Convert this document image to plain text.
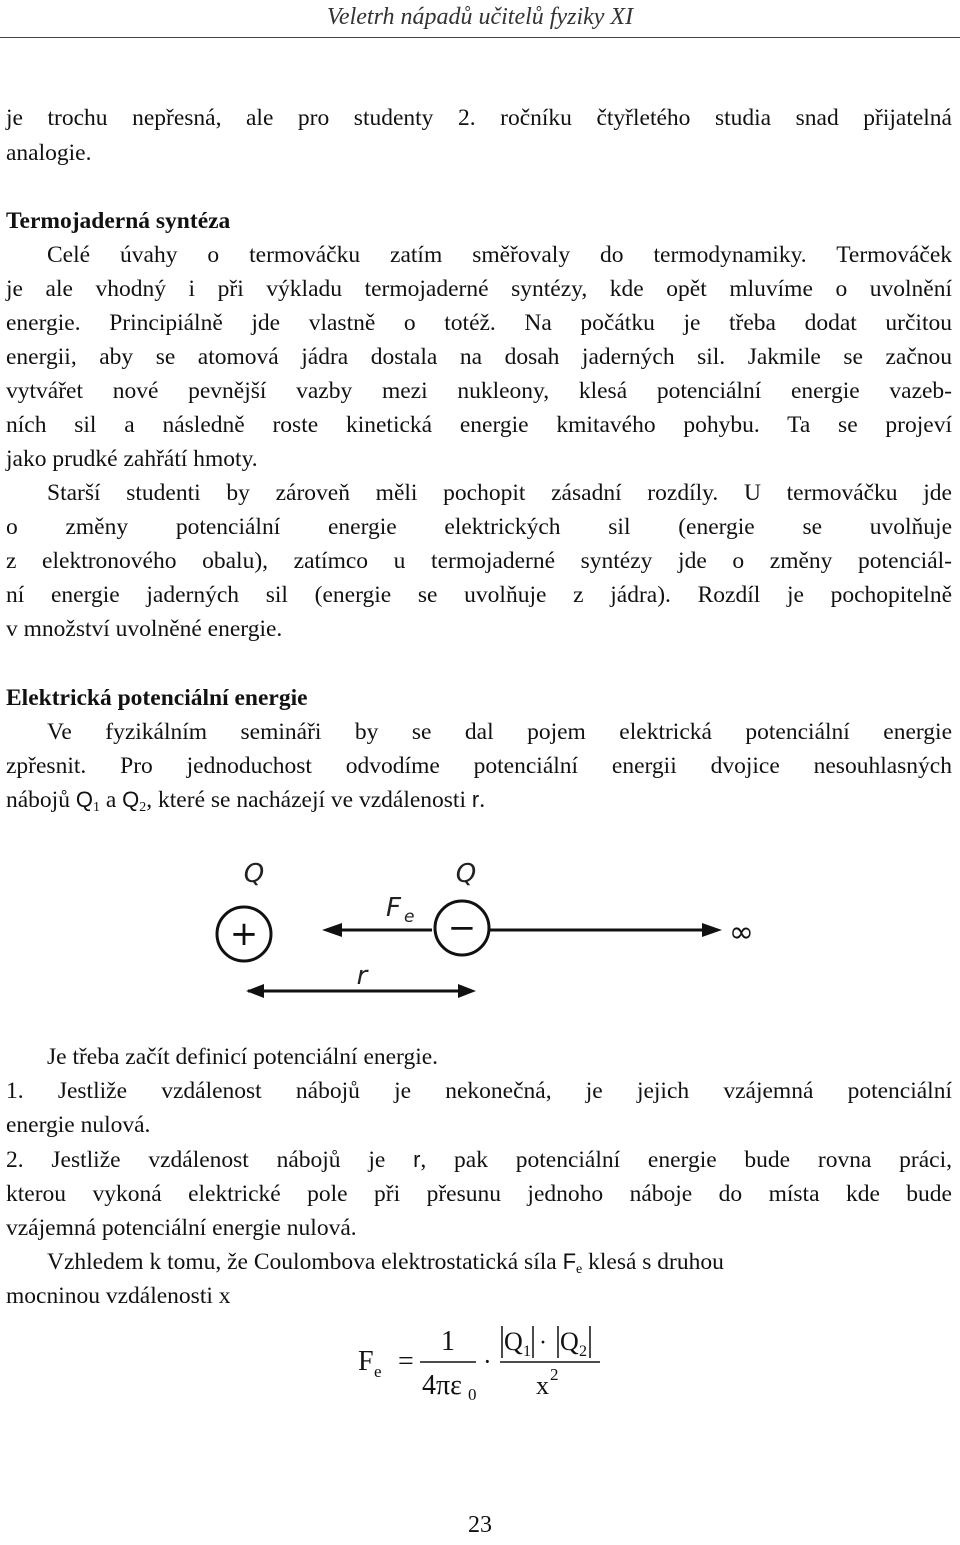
Veletrh nápadů učitelů fyziky XI
je trochu nepřesná, ale pro studenty 2. ročníku čtyřletého studia snad přijatelná
analogie.
Termojaderná syntéza
Celé úvahy o termováčku zatím směřovaly do termodynamiky. Termováček
je ale vhodný i při výkladu termojaderné syntézy, kde opět mluvíme o uvolnění
energie. Principiálně jde vlastně o totéž. Na počátku je třeba dodat určitou
energii, aby se atomová jádra dostala na dosah jaderných sil. Jakmile se začnou
vytvářet nové pevnější vazby mezi nukleony, klesá potenciální energie vazeb-
ních sil a následně roste kinetická energie kmitavého pohybu. Ta se projeví
jako prudké zahřátí hmoty.
Starší studenti by zároveň měli pochopit zásadní rozdíly. U termováčku jde
o změny potenciální energie elektrických sil (energie se uvolňuje
z elektronového obalu), zatímco u termojaderné syntézy jde o změny potenciál-
ní energie jaderných sil (energie se uvolňuje z jádra). Rozdíl je pochopitelně
v množství uvolněné energie.
Elektrická potenciální energie
Ve fyzikálním semináři by se dal pojem elektrická potenciální energie
zpřesnit. Pro jednoduchost odvodíme potenciální energii dvojice nesouhlasných
nábojů $Q_1$ a $Q_2$, které se nacházejí ve vzdálenosti r.
Q	Q
F e
r
+	−	∞
Je třeba začít definicí potenciální energie.
1. Jestliže vzdálenost nábojů je nekonečná, je jejich vzájemná potenciální
energie nulová.
2. Jestliže vzdálenost nábojů je r, pak potenciální energie bude rovna práci,
kterou vykoná elektrické pole při přesunu jednoho náboje do místa kde bude
vzájemná potenciální energie nulová.
Vzhledem k tomu, že Coulombova elektrostatická síla $F_e$ klesá s druhou
mocninou vzdálenosti x
F e =
1
4πε 0
·
Q 1 · Q 2
x 2
23
